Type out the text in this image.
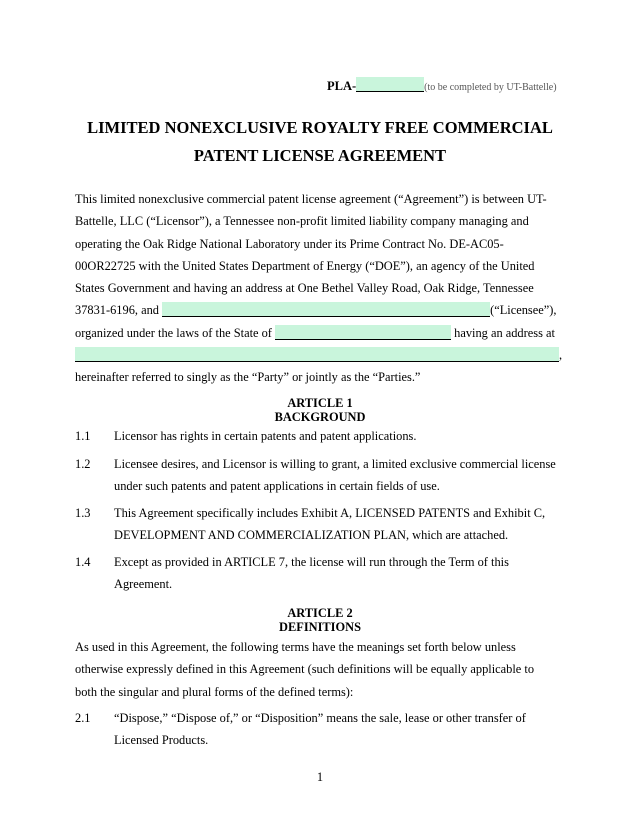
PLA-	(to be completed by UT-Battelle)
LIMITED NONEXCLUSIVE ROYALTY FREE COMMERCIAL
PATENT LICENSE AGREEMENT
This limited nonexclusive commercial patent license agreement (“Agreement”) is between UT-
Battelle, LLC (“Licensor”), a Tennessee non-profit limited liability company managing and
operating the Oak Ridge National Laboratory under its Prime Contract No. DE-AC05-
00OR22725 with the United States Department of Energy (“DOE”), an agency of the United
States Government and having an address at One Bethel Valley Road, Oak Ridge, Tennessee
37831-6196, and	(“Licensee”),
organized under the laws of the State of	having an address at
,
hereinafter referred to singly as the “Party” or jointly as the “Parties.”
ARTICLE 1
BACKGROUND
1.1 Licensor has rights in certain patents and patent applications.
1.2 Licensee desires, and Licensor is willing to grant, a limited exclusive commercial license
under such patents and patent applications in certain fields of use.
1.3 This Agreement specifically includes Exhibit A, LICENSED PATENTS and Exhibit C,
DEVELOPMENT AND COMMERCIALIZATION PLAN, which are attached.
1.4 Except as provided in ARTICLE 7, the license will run through the Term of this
Agreement.
ARTICLE 2
DEFINITIONS
As used in this Agreement, the following terms have the meanings set forth below unless
otherwise expressly defined in this Agreement (such definitions will be equally applicable to
both the singular and plural forms of the defined terms):
2.1 “Dispose,” “Dispose of,” or “Disposition” means the sale, lease or other transfer of
Licensed Products.
1
